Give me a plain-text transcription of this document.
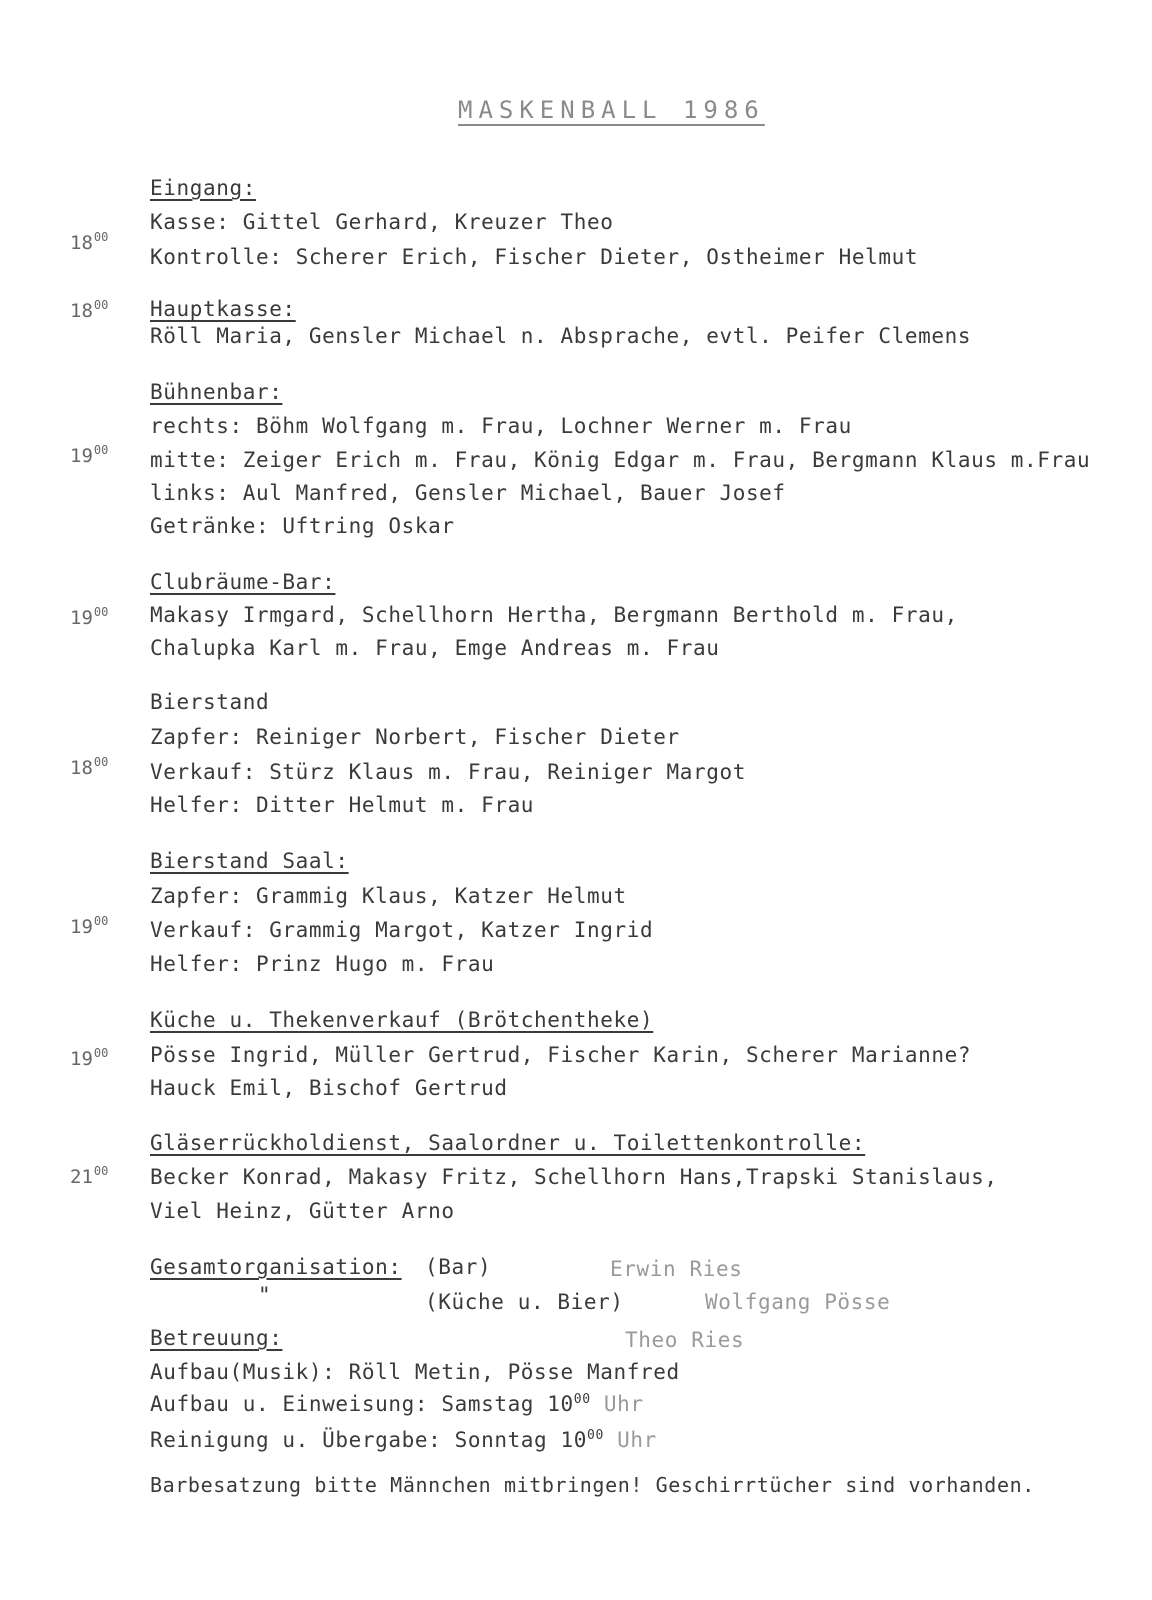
MASKENBALL 1986
Eingang:
Kasse: Gittel Gerhard, Kreuzer Theo
$18^{00}$
Kontrolle: Scherer Erich, Fischer Dieter, Ostheimer Helmut
$18^{00}$ Hauptkasse:
Röll Maria, Gensler Michael n. Absprache, evtl. Peifer Clemens
Bühnenbar:
rechts: Böhm Wolfgang m. Frau, Lochner Werner m. Frau
$19^{00}$ mitte: Zeiger Erich m. Frau, König Edgar m. Frau, Bergmann Klaus m.Frau
links: Aul Manfred, Gensler Michael, Bauer Josef
Getränke: Uftring Oskar
Clubräume-Bar:
$19^{00}$ Makasy Irmgard, Schellhorn Hertha, Bergmann Berthold m. Frau,
Chalupka Karl m. Frau, Emge Andreas m. Frau
Bierstand
Zapfer: Reiniger Norbert, Fischer Dieter
$18^{00}$ Verkauf: Stürz Klaus m. Frau, Reiniger Margot
Helfer: Ditter Helmut m. Frau
Bierstand Saal:
Zapfer: Grammig Klaus, Katzer Helmut
$19^{00}$ Verkauf: Grammig Margot, Katzer Ingrid
Helfer: Prinz Hugo m. Frau
Küche u. Thekenverkauf (Brötchentheke)
$19^{00}$ Pösse Ingrid, Müller Gertrud, Fischer Karin, Scherer Marianne?
Hauck Emil, Bischof Gertrud
Gläserrückholdienst, Saalordner u. Toilettenkontrolle:
$21^{00}$ Becker Konrad, Makasy Fritz, Schellhorn Hans,Trapski Stanislaus,
Viel Heinz, Gütter Arno
Gesamtorganisation: (Bar)	Erwin Ries
"	(Küche u. Bier)	Wolfgang Pösse
Betreuung:	Theo Ries
Aufbau(Musik): Röll Metin, Pösse Manfred
Aufbau u. Einweisung: Samstag $10^{00}$ Uhr
Reinigung u. Übergabe: Sonntag $10^{00}$ Uhr
Barbesatzung bitte Männchen mitbringen! Geschirrtücher sind vorhanden.
